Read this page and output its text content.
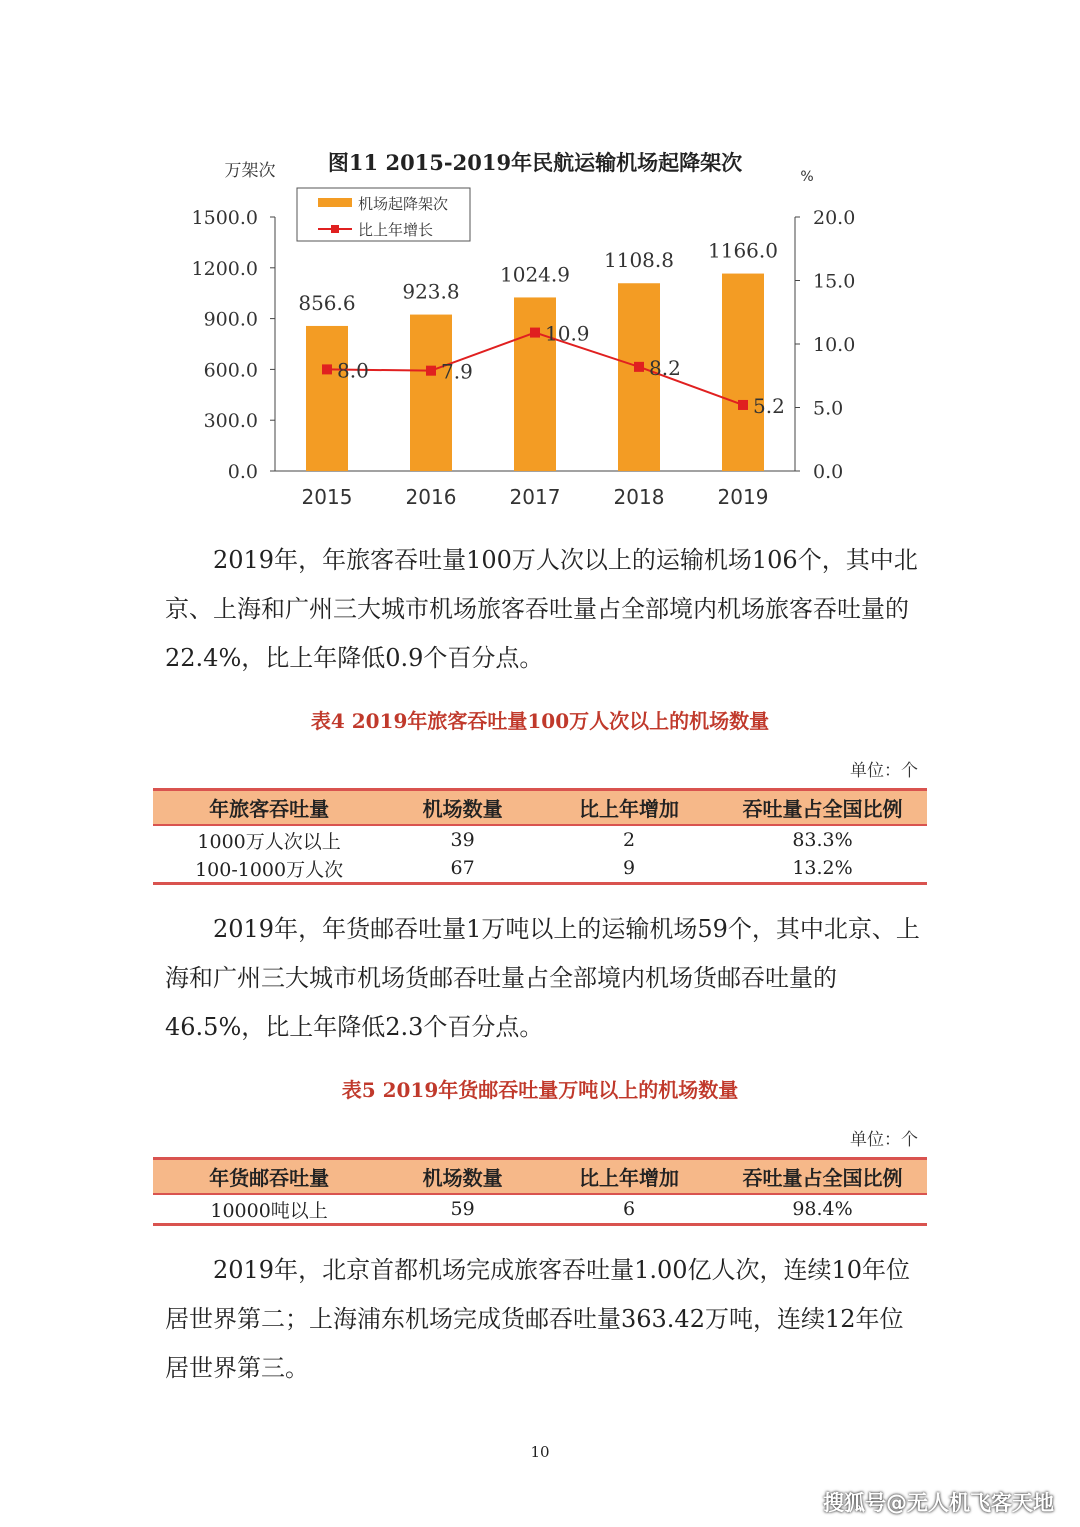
图11 2015-2019年民航运输机场起降架次
万架次	%
0.0
300.0
600.0
900.0
1200.0
1500.0
0.0
5.0
10.0
15.0
20.0
856.6 923.8
1024.9
1108.8 1166.0
2015	2016	2017	2018	2019
8.0	7.9
10.9
8.2
5.2
机场起降架次
比上年增长

2019年，年旅客吞吐量100万人次以上的运输机场106个，其中北京、上海和广州三大城市机场旅客吞吐量占全部境内机场旅客吞吐量的22.4%，比上年降低0.9个百分点。

表4 2019年旅客吞吐量100万人次以上的机场数量
单位：个
年旅客吞吐量	机场数量	比上年增加	吞吐量占全国比例
1000万人次以上	39	2	83.3%
100-1000万人次	67	9	13.2%

2019年，年货邮吞吐量1万吨以上的运输机场59个，其中北京、上海和广州三大城市机场货邮吞吐量占全部境内机场货邮吞吐量的46.5%，比上年降低2.3个百分点。

表5 2019年货邮吞吐量万吨以上的机场数量
单位：个
年货邮吞吐量	机场数量	比上年增加	吞吐量占全国比例
10000吨以上	59	6	98.4%

2019年，北京首都机场完成旅客吞吐量1.00亿人次，连续10年位居世界第二；上海浦东机场完成货邮吞吐量363.42万吨，连续12年位居世界第三。

10
搜狐号@无人机飞客天地
